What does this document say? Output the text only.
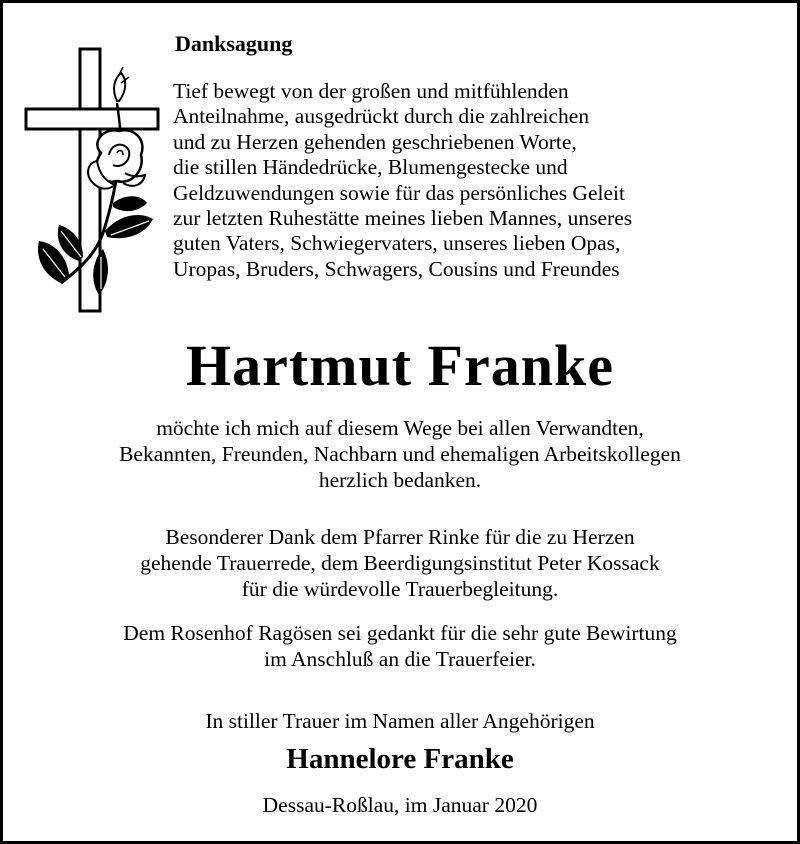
Danksagung
Tief bewegt von der großen und mitfühlenden
Anteilnahme, ausgedrückt durch die zahlreichen
und zu Herzen gehenden geschriebenen Worte,
die stillen Händedrücke, Blumengestecke und
Geldzuwendungen sowie für das persönliches Geleit
zur letzten Ruhestätte meines lieben Mannes, unseres
guten Vaters, Schwiegervaters, unseres lieben Opas,
Uropas, Bruders, Schwagers, Cousins und Freundes
Hartmut Franke
möchte ich mich auf diesem Wege bei allen Verwandten,
Bekannten, Freunden, Nachbarn und ehemaligen Arbeitskollegen
herzlich bedanken.
Besonderer Dank dem Pfarrer Rinke für die zu Herzen
gehende Trauerrede, dem Beerdigungsinstitut Peter Kossack
für die würdevolle Trauerbegleitung.
Dem Rosenhof Ragösen sei gedankt für die sehr gute Bewirtung
im Anschluß an die Trauerfeier.
In stiller Trauer im Namen aller Angehörigen
Hannelore Franke
Dessau-Roßlau, im Januar 2020
